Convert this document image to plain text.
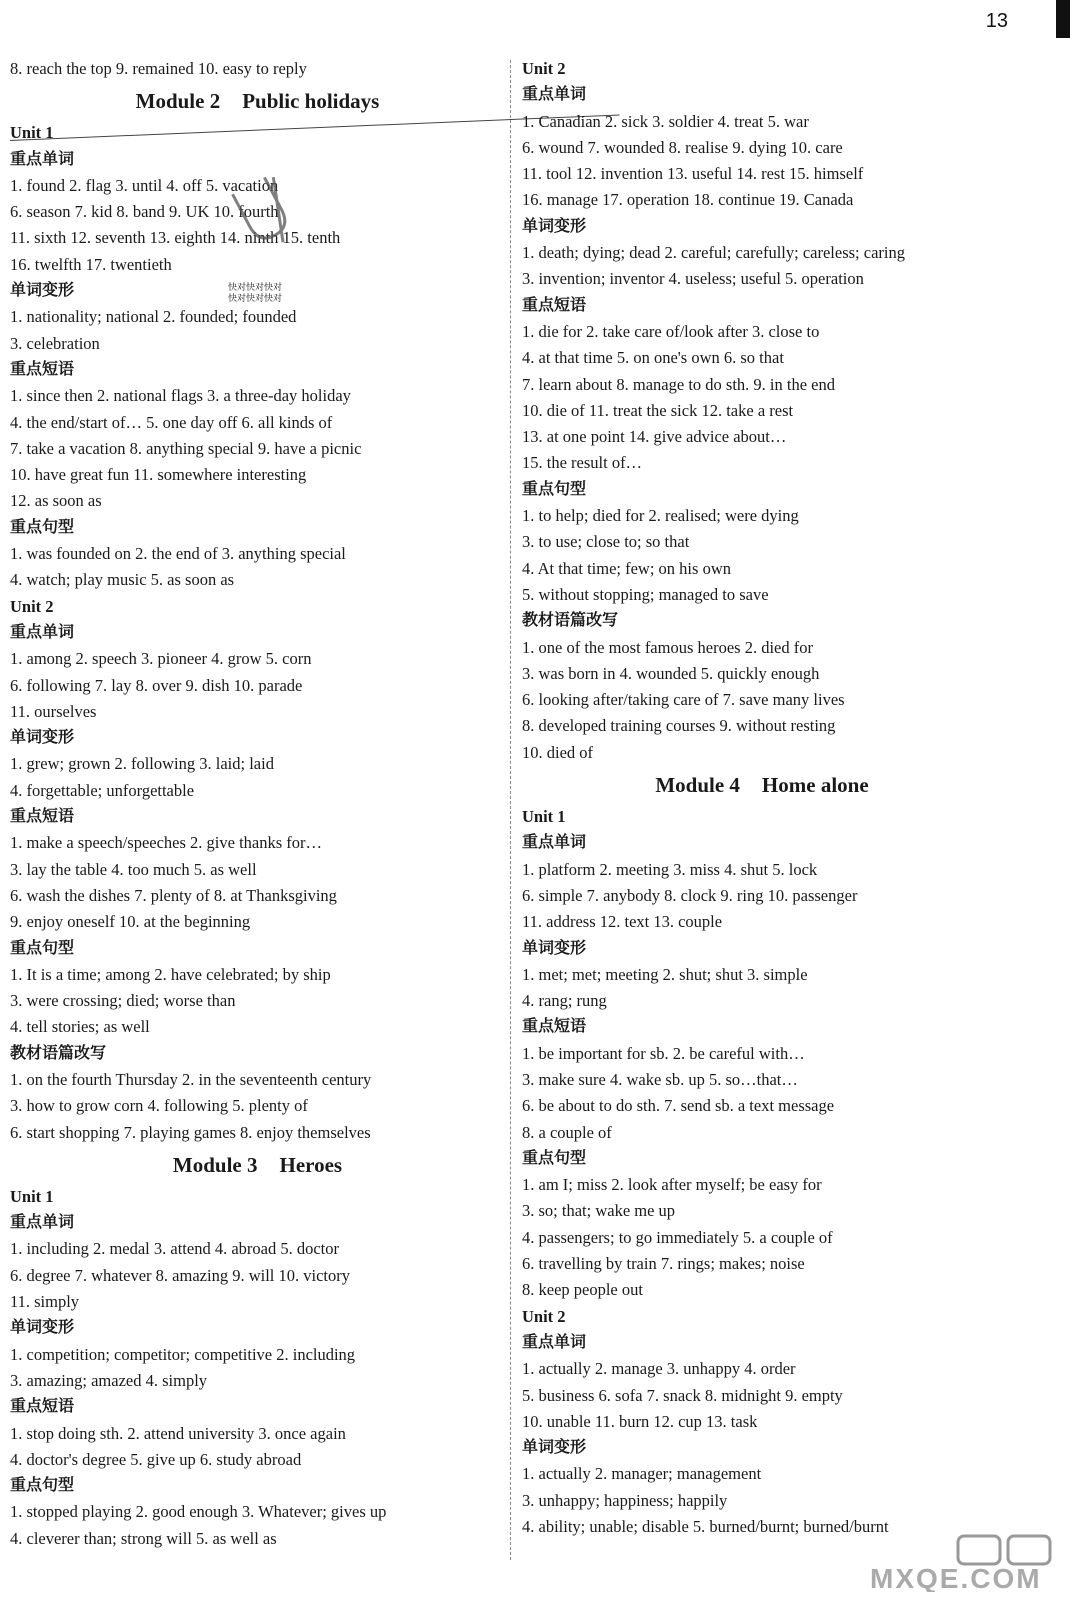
13
8. reach the top 9. remained 10. easy to reply
Module 2 Public holidays
Unit 1
重点单词
1. found 2. flag 3. until 4. off 5. vacation
6. season 7. kid 8. band 9. UK 10. fourth
11. sixth 12. seventh 13. eighth 14. ninth 15. tenth
16. twelfth 17. twentieth
单词变形
1. nationality; national 2. founded; founded
3. celebration
重点短语
1. since then 2. national flags 3. a three-day holiday
4. the end/start of… 5. one day off 6. all kinds of
7. take a vacation 8. anything special 9. have a picnic
10. have great fun 11. somewhere interesting
12. as soon as
重点句型
1. was founded on 2. the end of 3. anything special
4. watch; play music 5. as soon as
Unit 2
重点单词
1. among 2. speech 3. pioneer 4. grow 5. corn
6. following 7. lay 8. over 9. dish 10. parade
11. ourselves
单词变形
1. grew; grown 2. following 3. laid; laid
4. forgettable; unforgettable
重点短语
1. make a speech/speeches 2. give thanks for…
3. lay the table 4. too much 5. as well
6. wash the dishes 7. plenty of 8. at Thanksgiving
9. enjoy oneself 10. at the beginning
重点句型
1. It is a time; among 2. have celebrated; by ship
3. were crossing; died; worse than
4. tell stories; as well
教材语篇改写
1. on the fourth Thursday 2. in the seventeenth century
3. how to grow corn 4. following 5. plenty of
6. start shopping 7. playing games 8. enjoy themselves
Module 3 Heroes
Unit 1
重点单词
1. including 2. medal 3. attend 4. abroad 5. doctor
6. degree 7. whatever 8. amazing 9. will 10. victory
11. simply
单词变形
1. competition; competitor; competitive 2. including
3. amazing; amazed 4. simply
重点短语
1. stop doing sth. 2. attend university 3. once again
4. doctor's degree 5. give up 6. study abroad
重点句型
1. stopped playing 2. good enough 3. Whatever; gives up
4. cleverer than; strong will 5. as well as
Unit 2
重点单词
1. Canadian 2. sick 3. soldier 4. treat 5. war
6. wound 7. wounded 8. realise 9. dying 10. care
11. tool 12. invention 13. useful 14. rest 15. himself
16. manage 17. operation 18. continue 19. Canada
单词变形
1. death; dying; dead 2. careful; carefully; careless; caring
3. invention; inventor 4. useless; useful 5. operation
重点短语
1. die for 2. take care of/look after 3. close to
4. at that time 5. on one's own 6. so that
7. learn about 8. manage to do sth. 9. in the end
10. die of 11. treat the sick 12. take a rest
13. at one point 14. give advice about…
15. the result of…
重点句型
1. to help; died for 2. realised; were dying
3. to use; close to; so that
4. At that time; few; on his own
5. without stopping; managed to save
教材语篇改写
1. one of the most famous heroes 2. died for
3. was born in 4. wounded 5. quickly enough
6. looking after/taking care of 7. save many lives
8. developed training courses 9. without resting
10. died of
Module 4 Home alone
Unit 1
重点单词
1. platform 2. meeting 3. miss 4. shut 5. lock
6. simple 7. anybody 8. clock 9. ring 10. passenger
11. address 12. text 13. couple
单词变形
1. met; met; meeting 2. shut; shut 3. simple
4. rang; rung
重点短语
1. be important for sb. 2. be careful with…
3. make sure 4. wake sb. up 5. so…that…
6. be about to do sth. 7. send sb. a text message
8. a couple of
重点句型
1. am I; miss 2. look after myself; be easy for
3. so; that; wake me up
4. passengers; to go immediately 5. a couple of
6. travelling by train 7. rings; makes; noise
8. keep people out
Unit 2
重点单词
1. actually 2. manage 3. unhappy 4. order
5. business 6. sofa 7. snack 8. midnight 9. empty
10. unable 11. burn 12. cup 13. task
单词变形
1. actually 2. manager; management
3. unhappy; happiness; happily
4. ability; unable; disable 5. burned/burnt; burned/burnt
快对快对快对
快对快对快对
MXQE.COM
